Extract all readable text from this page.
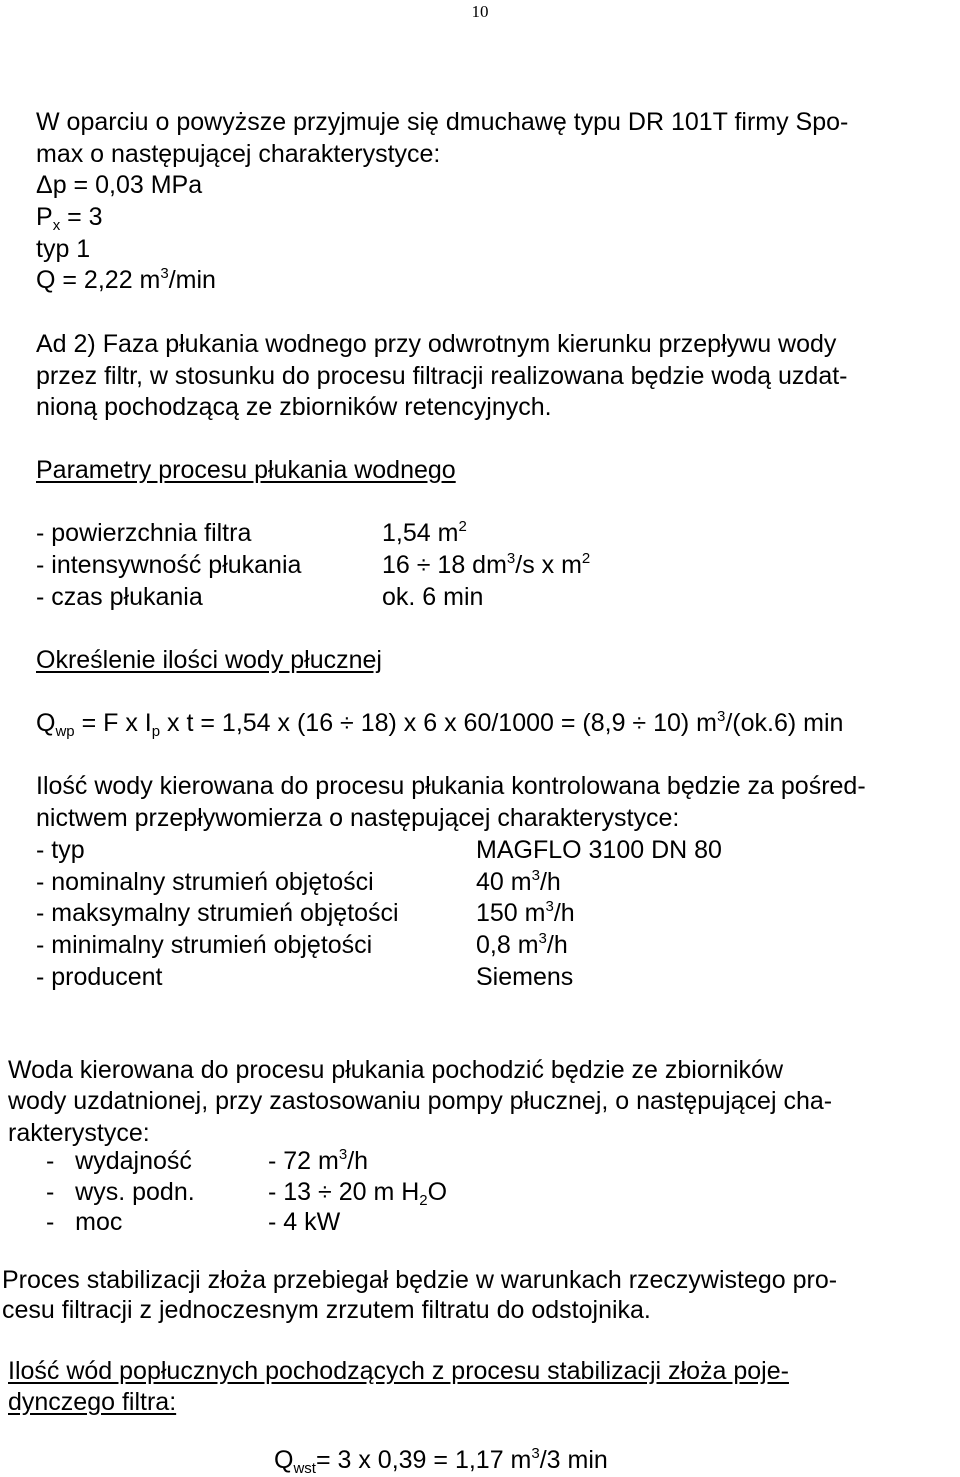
10
W oparciu o powyższe przyjmuje się dmuchawę typu DR 101T firmy Spo-
max o następującej charakterystyce:
Δp = 0,03 MPa
$P_x = 3$
typ 1
Q = 2,22 $m^3/\min$
Ad 2) Faza płukania wodnego przy odwrotnym kierunku przepływu wody
przez filtr, w stosunku do procesu filtracji realizowana będzie wodą uzdat-
nioną pochodzącą ze zbiorników retencyjnych.
Parametry procesu płukania wodnego
- powierzchnia filtra	1,54 $m^2$
- intensywność płukania	16 ÷ 18 $dm^3/s$ x $m^2$
- czas płukania	ok. 6 min
Określenie ilości wody płucznej
$Q_{wp} = F$ x $I_p$ x t = 1,54 x (16 ÷ 18) x 6 x 60/1000 = (8,9 ÷ 10) $m^3/(ok.6)$ min
Ilość wody kierowana do procesu płukania kontrolowana będzie za pośred-
nictwem przepływomierza o następującej charakterystyce:
- typ	MAGFLO 3100 DN 80
- nominalny strumień objętości	40 $m^3/h$
- maksymalny strumień objętości	150 $m^3/h$
- minimalny strumień objętości	0,8 $m^3/h$
- producent	Siemens
Woda kierowana do procesu płukania pochodzić będzie ze zbiorników
wody uzdatnionej, przy zastosowaniu pompy płucznej, o następującej cha-
rakterystyce:
-   wydajność	- 72 $m^3/h$
-   wys. podn.	- 13 ÷ 20 m $H_2O$
-   moc	- 4 kW
Proces stabilizacji złoża przebiegał będzie w warunkach rzeczywistego pro-
cesu filtracji z jednoczesnym zrzutem filtratu do odstojnika.
Ilość wód popłucznych pochodzących z procesu stabilizacji złoża poje-
dynczego filtra:
$Q_{wst}= 3$ x 0,39 = 1,17 $m^3/3$ min
